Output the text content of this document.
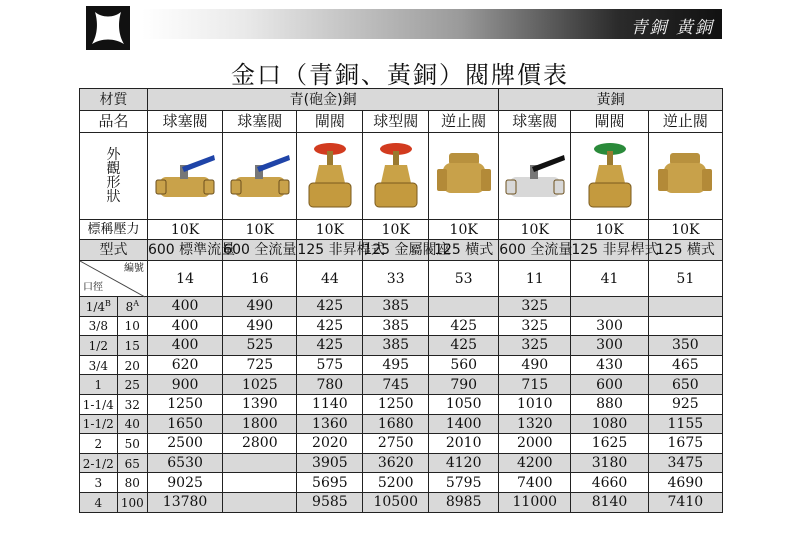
青銅 黃銅
金口（青銅、黃銅）閥牌價表
材質		青(砲金)銅					黃銅		
品名		球塞閥	球塞閥	閘閥	球型閥	逆止閥	球塞閥	閘閥	逆止閥

外
觀
形
狀

標稱壓力		10K	10K	10K	10K	10K	10K	10K	10K
型式		600 標準流量	600 全流量	125 非昇桿式	125 金屬閥座	125 横式	600 全流量	125 非昇桿式	125 横式

編號
口徑		14	16	44	33	53	11	41	51
$1/4^B$	$8^A$	400	490	425	385		325		
3/8	10	400	490	425	385	425	325	300	
1/2	15	400	525	425	385	425	325	300	350
3/4	20	620	725	575	495	560	490	430	465
1	25	900	1025	780	745	790	715	600	650
1-1/4	32	1250	1390	1140	1250	1050	1010	880	925
1-1/2	40	1650	1800	1360	1680	1400	1320	1080	1155
2	50	2500	2800	2020	2750	2010	2000	1625	1675
2-1/2	65	6530		3905	3620	4120	4200	3180	3475
3	80	9025		5695	5200	5795	7400	4660	4690
4	100	13780		9585	10500	8985	11000	8140	7410
